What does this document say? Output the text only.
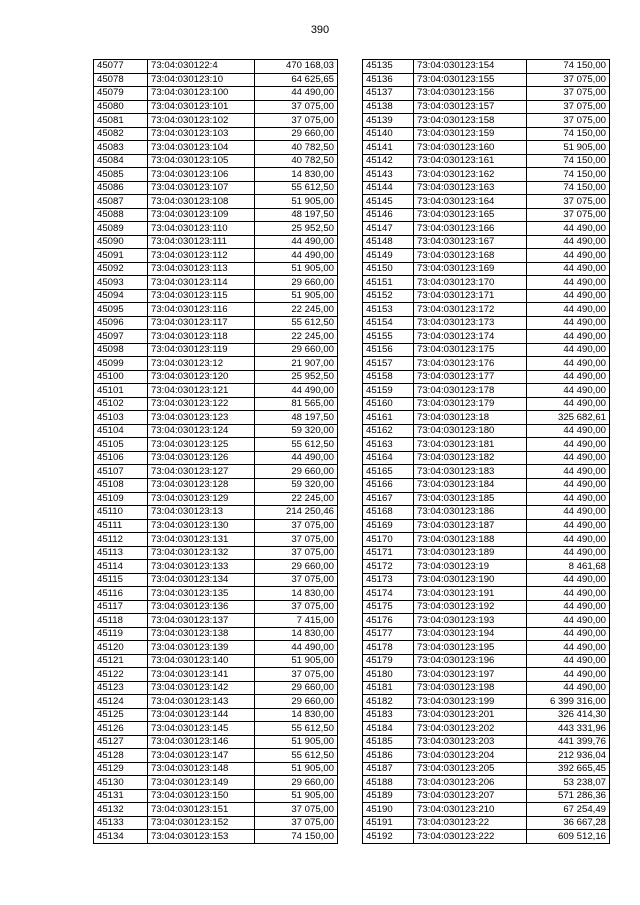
390
45077	73:04:030122:4	470 168,03
45078	73:04:030123:10	64 625,65
45079	73:04:030123:100	44 490,00
45080	73:04:030123:101	37 075,00
45081	73:04:030123:102	37 075,00
45082	73:04:030123:103	29 660,00
45083	73:04:030123:104	40 782,50
45084	73:04:030123:105	40 782,50
45085	73:04:030123:106	14 830,00
45086	73:04:030123:107	55 612,50
45087	73:04:030123:108	51 905,00
45088	73:04:030123:109	48 197,50
45089	73:04:030123:110	25 952,50
45090	73:04:030123:111	44 490,00
45091	73:04:030123:112	44 490,00
45092	73:04:030123:113	51 905,00
45093	73:04:030123:114	29 660,00
45094	73:04:030123:115	51 905,00
45095	73:04:030123:116	22 245,00
45096	73:04:030123:117	55 612,50
45097	73:04:030123:118	22 245,00
45098	73:04:030123:119	29 660,00
45099	73:04:030123:12	21 907,00
45100	73:04:030123:120	25 952,50
45101	73:04:030123:121	44 490,00
45102	73:04:030123:122	81 565,00
45103	73:04:030123:123	48 197,50
45104	73:04:030123:124	59 320,00
45105	73:04:030123:125	55 612,50
45106	73:04:030123:126	44 490,00
45107	73:04:030123:127	29 660,00
45108	73:04:030123:128	59 320,00
45109	73:04:030123:129	22 245,00
45110	73:04:030123:13	214 250,46
45111	73:04:030123:130	37 075,00
45112	73:04:030123:131	37 075,00
45113	73:04:030123:132	37 075,00
45114	73:04:030123:133	29 660,00
45115	73:04:030123:134	37 075,00
45116	73:04:030123:135	14 830,00
45117	73:04:030123:136	37 075,00
45118	73:04:030123:137	7 415,00
45119	73:04:030123:138	14 830,00
45120	73:04:030123:139	44 490,00
45121	73:04:030123:140	51 905,00
45122	73:04:030123:141	37 075,00
45123	73:04:030123:142	29 660,00
45124	73:04:030123:143	29 660,00
45125	73:04:030123:144	14 830,00
45126	73:04:030123:145	55 612,50
45127	73:04:030123:146	51 905,00
45128	73:04:030123:147	55 612,50
45129	73:04:030123:148	51 905,00
45130	73:04:030123:149	29 660,00
45131	73:04:030123:150	51 905,00
45132	73:04:030123:151	37 075,00
45133	73:04:030123:152	37 075,00
45134	73:04:030123:153	74 150,00
45135	73:04:030123:154	74 150,00
45136	73:04:030123:155	37 075,00
45137	73:04:030123:156	37 075,00
45138	73:04:030123:157	37 075,00
45139	73:04:030123:158	37 075,00
45140	73:04:030123:159	74 150,00
45141	73:04:030123:160	51 905,00
45142	73:04:030123:161	74 150,00
45143	73:04:030123:162	74 150,00
45144	73:04:030123:163	74 150,00
45145	73:04:030123:164	37 075,00
45146	73:04:030123:165	37 075,00
45147	73:04:030123:166	44 490,00
45148	73:04:030123:167	44 490,00
45149	73:04:030123:168	44 490,00
45150	73:04:030123:169	44 490,00
45151	73:04:030123:170	44 490,00
45152	73:04:030123:171	44 490,00
45153	73:04:030123:172	44 490,00
45154	73:04:030123:173	44 490,00
45155	73:04:030123:174	44 490,00
45156	73:04:030123:175	44 490,00
45157	73:04:030123:176	44 490,00
45158	73:04:030123:177	44 490,00
45159	73:04:030123:178	44 490,00
45160	73:04:030123:179	44 490,00
45161	73:04:030123:18	325 682,61
45162	73:04:030123:180	44 490,00
45163	73:04:030123:181	44 490,00
45164	73:04:030123:182	44 490,00
45165	73:04:030123:183	44 490,00
45166	73:04:030123:184	44 490,00
45167	73:04:030123:185	44 490,00
45168	73:04:030123:186	44 490,00
45169	73:04:030123:187	44 490,00
45170	73:04:030123:188	44 490,00
45171	73:04:030123:189	44 490,00
45172	73:04:030123:19	8 461,68
45173	73:04:030123:190	44 490,00
45174	73:04:030123:191	44 490,00
45175	73:04:030123:192	44 490,00
45176	73:04:030123:193	44 490,00
45177	73:04:030123:194	44 490,00
45178	73:04:030123:195	44 490,00
45179	73:04:030123:196	44 490,00
45180	73:04:030123:197	44 490,00
45181	73:04:030123:198	44 490,00
45182	73:04:030123:199	6 399 316,00
45183	73:04:030123:201	326 414,30
45184	73:04:030123:202	443 331,96
45185	73:04:030123:203	441 399,76
45186	73:04:030123:204	212 936,04
45187	73:04:030123:205	392 665,45
45188	73:04:030123:206	53 238,07
45189	73:04:030123:207	571 286,36
45190	73:04:030123:210	67 254,49
45191	73:04:030123:22	36 667,28
45192	73:04:030123:222	609 512,16
